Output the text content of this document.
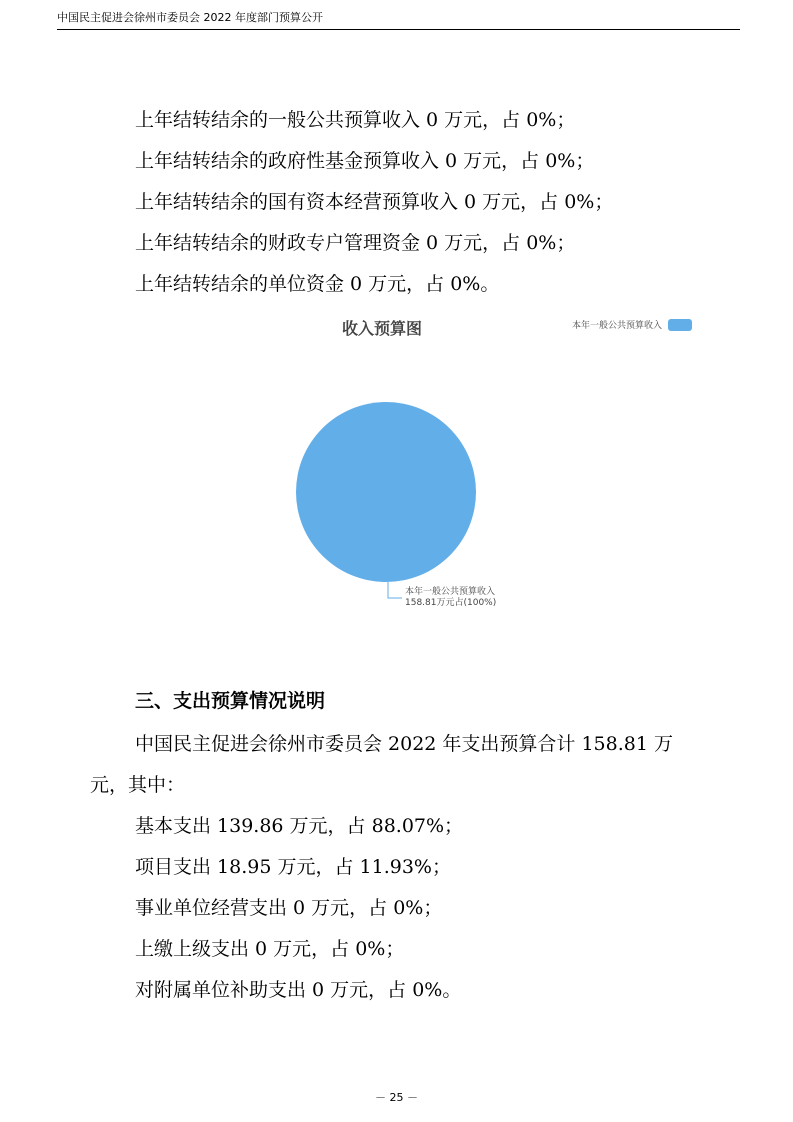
中国民主促进会徐州市委员会 2022 年度部门预算公开
上年结转结余的一般公共预算收入 0 万元，占 0%；
上年结转结余的政府性基金预算收入 0 万元，占 0%；
上年结转结余的国有资本经营预算收入 0 万元，占 0%；
上年结转结余的财政专户管理资金 0 万元，占 0%；
上年结转结余的单位资金 0 万元，占 0%。
收入预算图	本年一般公共预算收入
本年一般公共预算收入
158.81万元占(100%)
三、支出预算情况说明
中国民主促进会徐州市委员会 2022 年支出预算合计 158.81 万
元，其中：
基本支出 139.86 万元，占 88.07%；
项目支出 18.95 万元，占 11.93%；
事业单位经营支出 0 万元，占 0%；
上缴上级支出 0 万元，占 0%；
对附属单位补助支出 0 万元，占 0%。
－ 25 －
